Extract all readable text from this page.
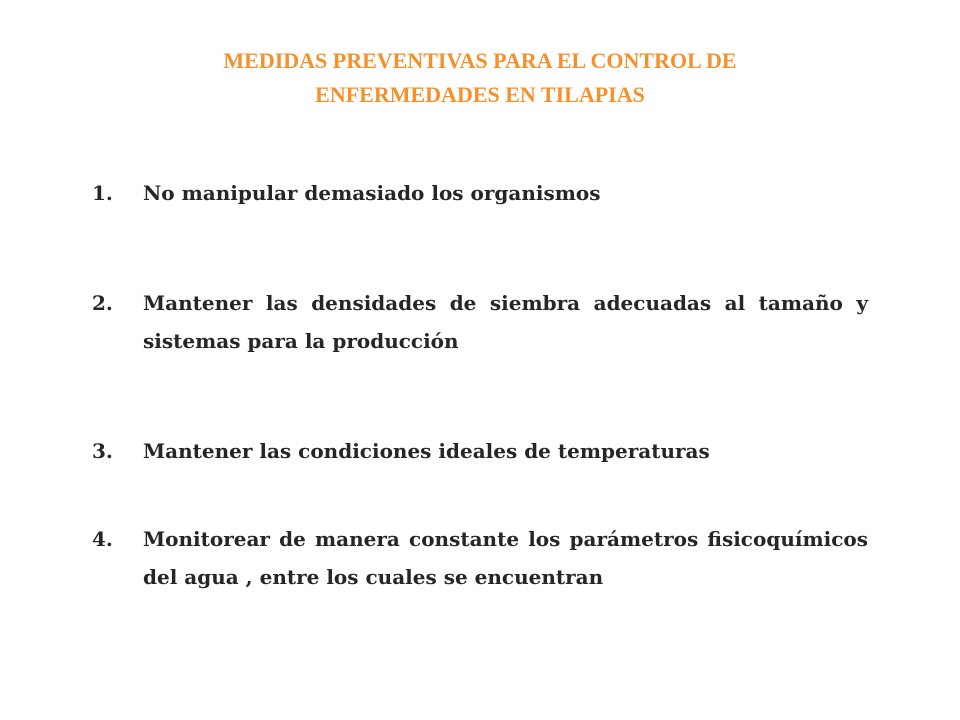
MEDIDAS PREVENTIVAS PARA EL CONTROL DE
ENFERMEDADES EN TILAPIAS
1. No manipular demasiado los organismos
2. Mantener las densidades de siembra adecuadas al tamaño y sistemas para la producción
3. Mantener las condiciones ideales de temperaturas
4. Monitorear de manera constante los parámetros fisicoquímicos del agua , entre los cuales se encuentran
